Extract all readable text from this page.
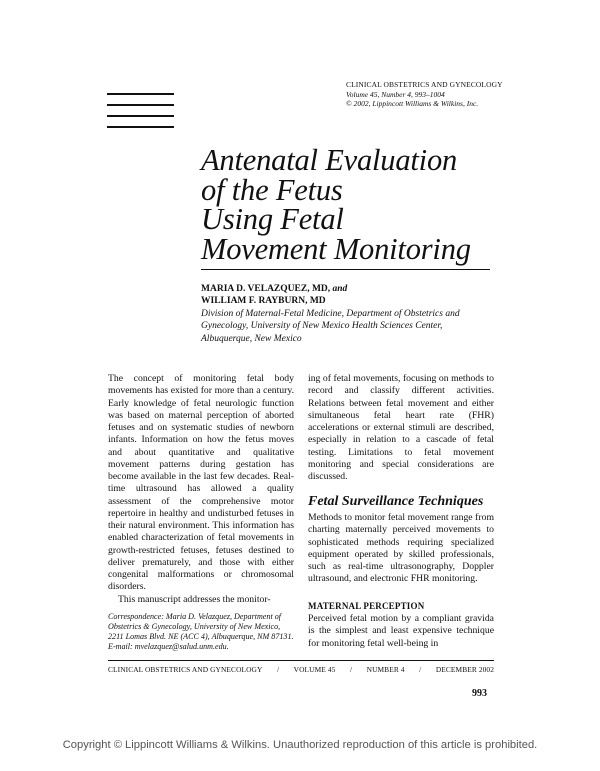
CLINICAL OBSTETRICS AND GYNECOLOGY
Volume 45, Number 4, 993–1004
© 2002, Lippincott Williams & Wilkins, Inc.
Antenatal Evaluation
of the Fetus
Using Fetal
Movement Monitoring
MARIA D. VELAZQUEZ, MD, and
WILLIAM F. RAYBURN, MD
Division of Maternal-Fetal Medicine, Department of Obstetrics and
Gynecology, University of New Mexico Health Sciences Center,
Albuquerque, New Mexico

The concept of monitoring fetal body movements has existed for more than a century. Early knowledge of fetal neurologic function was based on maternal perception of aborted fetuses and on systematic studies of newborn infants. Information on how the fetus moves and about quantitative and qualitative movement patterns during gestation has become available in the last few decades. Real-time ultrasound has allowed a quality assessment of the comprehensive motor repertoire in healthy and undisturbed fetuses in their natural environment. This information has enabled characterization of fetal movements in growth-restricted fetuses, fetuses destined to deliver prematurely, and those with either congenital malformations or chromosomal disorders.

This manuscript addresses the monitor-

ing of fetal movements, focusing on methods to record and classify different activities. Relations between fetal movement and either simultaneous fetal heart rate (FHR) accelerations or external stimuli are described, especially in relation to a cascade of fetal testing. Limitations to fetal movement monitoring and special considerations are discussed.

Fetal Surveillance Techniques

Methods to monitor fetal movement range from charting maternally perceived movements to sophisticated methods requiring specialized equipment operated by skilled professionals, such as real-time ultrasonography, Doppler ultrasound, and electronic FHR monitoring.

MATERNAL PERCEPTION

Perceived fetal motion by a compliant gravida is the simplest and least expensive technique for monitoring fetal well-being in

Correspondence: Maria D. Velazquez, Department of
Obstetrics & Gynecology, University of New Mexico,
2211 Lomas Blvd. NE (ACC 4), Albuquerque, NM 87131.
E-mail: mvelazquez@salud.unm.edu.
CLINICAL OBSTETRICS AND GYNECOLOGY / VOLUME 45 / NUMBER 4 / DECEMBER 2002
993
Copyright © Lippincott Williams & Wilkins. Unauthorized reproduction of this article is prohibited.
